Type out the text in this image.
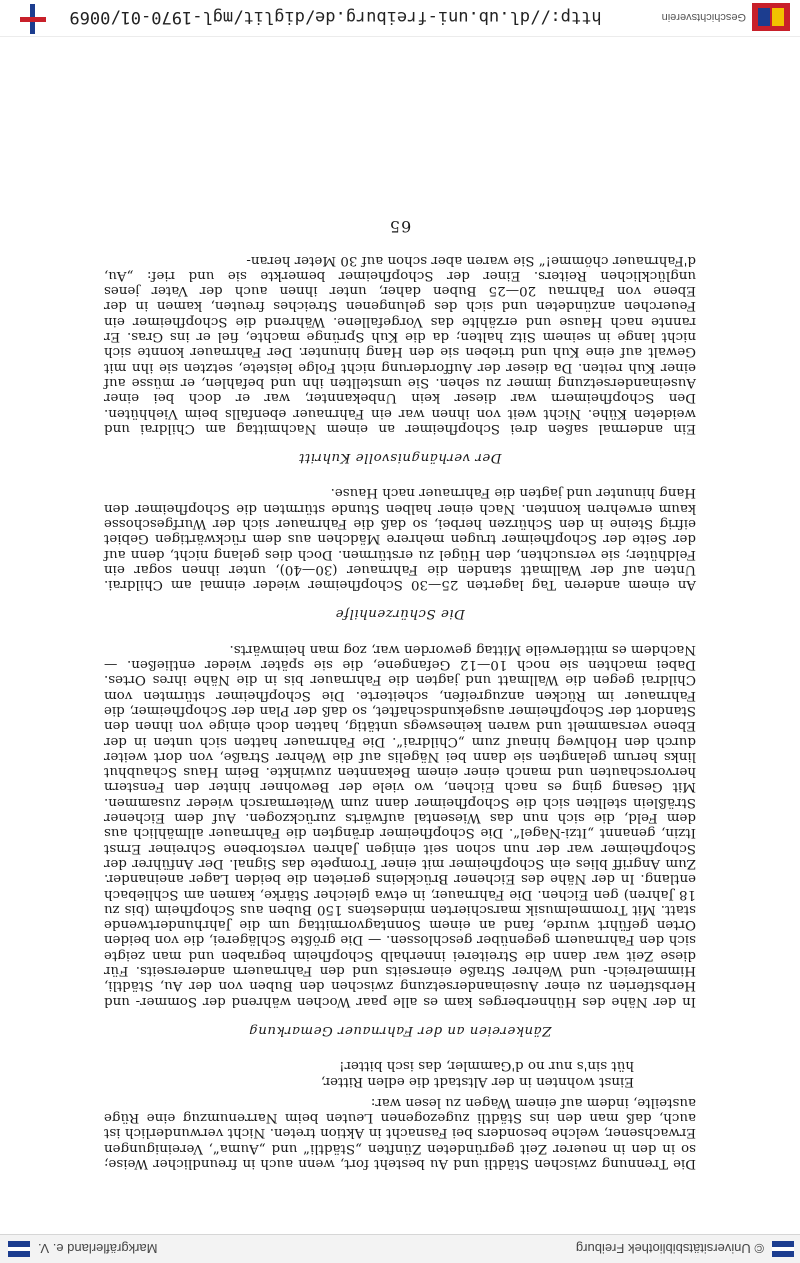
© Universitätsbibliothek Freiburg
Markgräflerland e. V.

Die Trennung zwischen Städtli und Au besteht fort, wenn auch in freundlicher Weise; so in den in neuerer Zeit gegründeten Zünften „Städtli“ und „Auma“, Vereinigungen Erwachsener, welche besonders bei Fasnacht in Aktion treten. Nicht verwunderlich ist auch, daß man den ins Städtli zugezogenen Leuten beim Narrenumzug eine Rüge austeilte, indem auf einem Wagen zu lesen war:

Einst wohnten in der Altstadt die edlen Ritter,
hüt sin's nur no d'Gammler, das isch bitter!
Zänkereien an der Fahrnauer Gemarkung

In der Nähe des Hühnerberges kam es alle paar Wochen während der Sommer- und Herbstferien zu einer Auseinandersetzung zwischen den Buben von der Au, Städtli, Himmelreich- und Wehrer Straße einerseits und den Fahrnauern andererseits. Für diese Zeit war dann die Streiterei innerhalb Schopfheim begraben und man zeigte sich den Fahrnauern gegenüber geschlossen. — Die größte Schlägerei, die von beiden Orten geführt wurde, fand an einem Sonntagvormittag um die Jahrhundertwende statt. Mit Trommelmusik marschierten mindestens 150 Buben aus Schopfheim (bis zu 18 Jahren) gen Eichen. Die Fahrnauer, in etwa gleicher Stärke, kamen am Schliebach entlang. In der Nähe des Eichener Brückleins gerieten die beiden Lager aneinander. Zum Angriff blies ein Schopfheimer mit einer Trompete das Signal. Der Anführer der Schopfheimer war der nun schon seit einigen Jahren verstorbene Schreiner Ernst Itzin, genannt „Itzi-Nagel“. Die Schopfheimer drängten die Fahrnauer allmählich aus dem Feld, die sich nun das Wiesental aufwärts zurückzogen. Auf dem Eichener Sträßlein stellten sich die Schopfheimer dann zum Weitermarsch wieder zusammen. Mit Gesang ging es nach Eichen, wo viele der Bewohner hinter den Fenstern hervorschauten und manch einer einem Bekannten zuwinkte. Beim Haus Schaubhut links herum gelangten sie dann bei Nägelis auf die Wehrer Straße, von dort weiter durch den Hohlweg hinauf zum „Childrai“. Die Fahrnauer hatten sich unten in der Ebene versammelt und waren keineswegs untätig, hatten doch einige von ihnen den Standort der Schopfheimer ausgekundschaftet, so daß der Plan der Schopfheimer, die Fahrnauer im Rücken anzugreifen, scheiterte. Die Schopfheimer stürmten vom Childrai gegen die Wallmatt und jagten die Fahrnauer bis in die Nähe ihres Ortes. Dabei machten sie noch 10—12 Gefangene, die sie später wieder entließen. — Nachdem es mittlerweile Mittag geworden war, zog man heimwärts.

Die Schürzenhilfe

An einem anderen Tag lagerten 25—30 Schopfheimer wieder einmal am Childrai. Unten auf der Wallmatt standen die Fahrnauer (30—40), unter ihnen sogar ein Feldhüter; sie versuchten, den Hügel zu erstürmen. Doch dies gelang nicht, denn auf der Seite der Schopfheimer trugen mehrere Mädchen aus dem rückwärtigen Gebiet eifrig Steine in den Schürzen herbei, so daß die Fahrnauer sich der Wurfgeschosse kaum erwehren konnten. Nach einer halben Stunde stürmten die Schopfheimer den Hang hinunter und jagten die Fahrnauer nach Hause.

Der verhängnisvolle Kuhritt

Ein andermal saßen drei Schopfheimer an einem Nachmittag am Childrai und weideten Kühe. Nicht weit von ihnen war ein Fahrnauer ebenfalls beim Viehhüten. Den Schopfheimern war dieser kein Unbekannter, war er doch bei einer Auseinandersetzung immer zu sehen. Sie umstellten ihn und befahlen, er müsse auf einer Kuh reiten. Da dieser der Aufforderung nicht Folge leistete, setzten sie ihn mit Gewalt auf eine Kuh und trieben sie den Hang hinunter. Der Fahrnauer konnte sich nicht lange in seinem Sitz halten; da die Kuh Sprünge machte, fiel er ins Gras. Er rannte nach Hause und erzählte das Vorgefallene. Während die Schopfheimer ein Feuerchen anzündeten und sich des gelungenen Streiches freuten, kamen in der Ebene von Fahrnau 20—25 Buben daher, unter ihnen auch der Vater jenes unglücklichen Reiters. Einer der Schopfheimer bemerkte sie und rief: „Au, d'Fahrnauer chömme!“ Sie waren aber schon auf 30 Meter heran-

65
Geschichtsverein
http://dl.ub.uni-freiburg.de/diglit/mgl-1970-01/0069
